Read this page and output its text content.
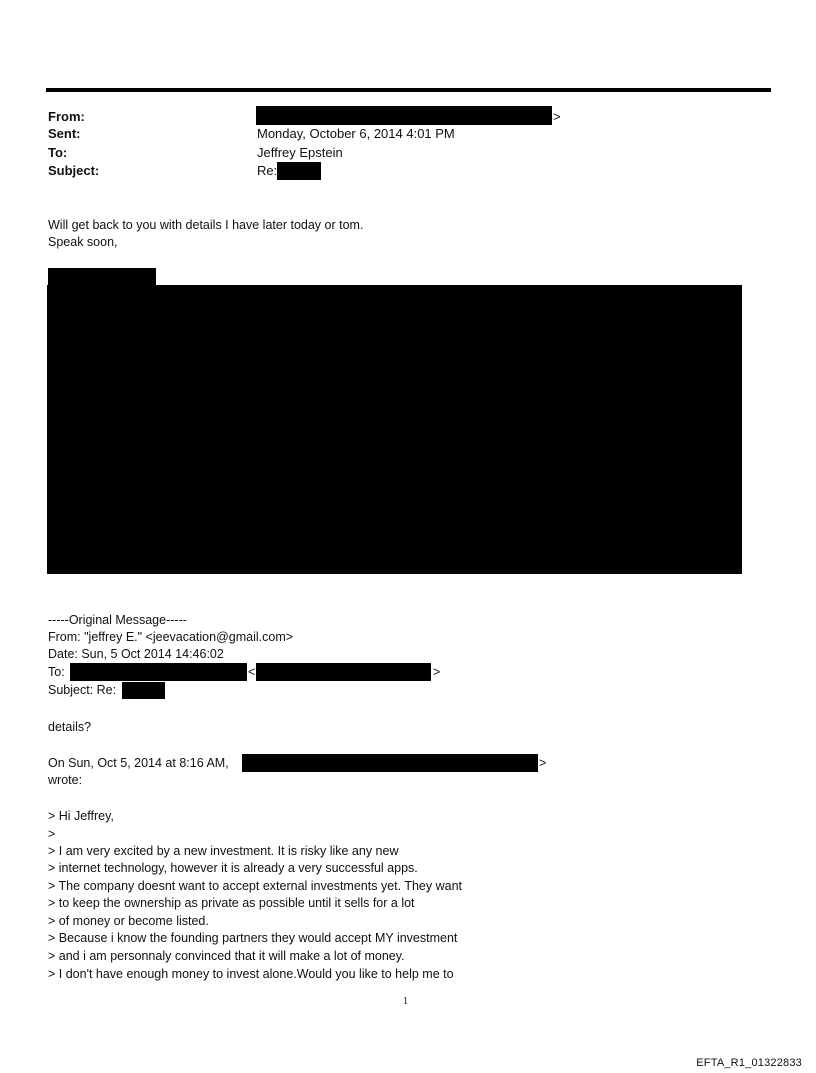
From:	>
Sent:	Monday, October 6, 2014 4:01 PM
To:	Jeffrey Epstein
Subject:	Re:
Will get back to you with details I have later today or tom.
Speak soon,
-----Original Message-----
From: "jeffrey E." <jeevacation@gmail.com>
Date: Sun, 5 Oct 2014 14:46:02
To:	<	>
Subject: Re:
details?
On Sun, Oct 5, 2014 at 8:16 AM,	>
wrote:
> Hi Jeffrey,
>
> I am very excited by a new investment. It is risky like any new
> internet technology, however it is already a very successful apps.
> The company doesnt want to accept external investments yet. They want
> to keep the ownership as private as possible until it sells for a lot
> of money or become listed.
> Because i know the founding partners they would accept MY investment
> and i am personnaly convinced that it will make a lot of money.
> I don't have enough money to invest alone.Would you like to help me to
1
EFTA_R1_01322833
